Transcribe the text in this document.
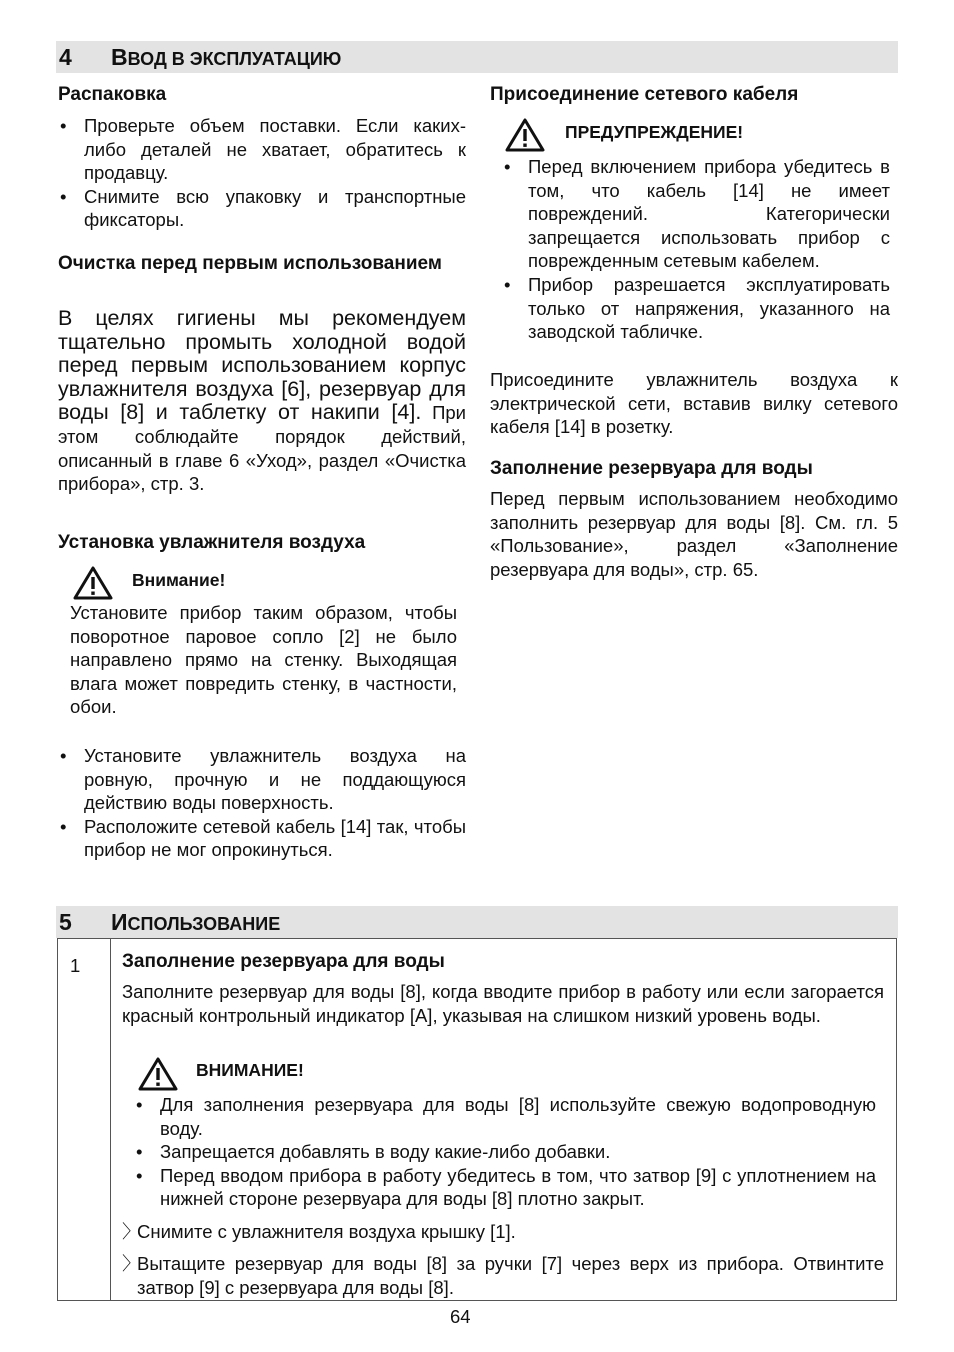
4 ВВОД В ЭКСПЛУАТАЦИЮ
Распаковка
• Проверьте объем поставки. Если каких-либо деталей не хватает, обратитесь к продавцу.
• Снимите всю упаковку и транспортные фиксаторы.
Очистка перед первым использованием

В целях гигиены мы рекомендуем тщательно промыть холодной водой перед первым использованием корпус увлажнителя воздуха [6], резервуар для воды [8] и таблетку от накипи [4]. При этом соблюдайте порядок действий, описанный в главе 6 «Уход», раздел «Очистка прибора», стр. 3.

Установка увлажнителя воздуха
Внимание!

Установите прибор таким образом, чтобы поворотное паровое сопло [2] не было направлено прямо на стенку. Выходящая влага может повредить стенку, в частности, обои.

• Установите увлажнитель воздуха на ровную, прочную и не поддающуюся действию воды поверхность.
• Расположите сетевой кабель [14] так, чтобы прибор не мог опрокинуться.
Присоединение сетевого кабеля
ПРЕДУПРЕЖДЕНИЕ!
• Перед включением прибора убедитесь в том, что кабель [14] не имеет повреждений. Категорически запрещается использовать прибор с поврежденным сетевым кабелем.
• Прибор разрешается эксплуатировать только от напряжения, указанного на заводской табличке.

Присоедините увлажнитель воздуха к электрической сети, вставив вилку сетевого кабеля [14] в розетку.

Заполнение резервуара для воды

Перед первым использованием необходимо заполнить резервуар для воды [8]. См. гл. 5 «Пользование», раздел «Заполнение резервуара для воды», стр. 65.

5 ИСПОЛЬЗОВАНИЕ

1 Заполнение резервуара для воды

Заполните резервуар для воды [8], когда вводите прибор в работу или если загорается красный контрольный индикатор [A], указывая на слишком низкий уровень воды.

ВНИМАНИЕ!
• Для заполнения резервуара для воды [8] используйте свежую водопроводную воду.
• Запрещается добавлять в воду какие-либо добавки.
• Перед вводом прибора в работу убедитесь в том, что затвор [9] с уплотнением на нижней стороне резервуара для воды [8] плотно закрыт.
〉
Снимите с увлажнителя воздуха крышку [1].
〉
Вытащите резервуар для воды [8] за ручки [7] через верх из прибора. Отвинтите затвор [9] с резервуара для воды [8].
64
